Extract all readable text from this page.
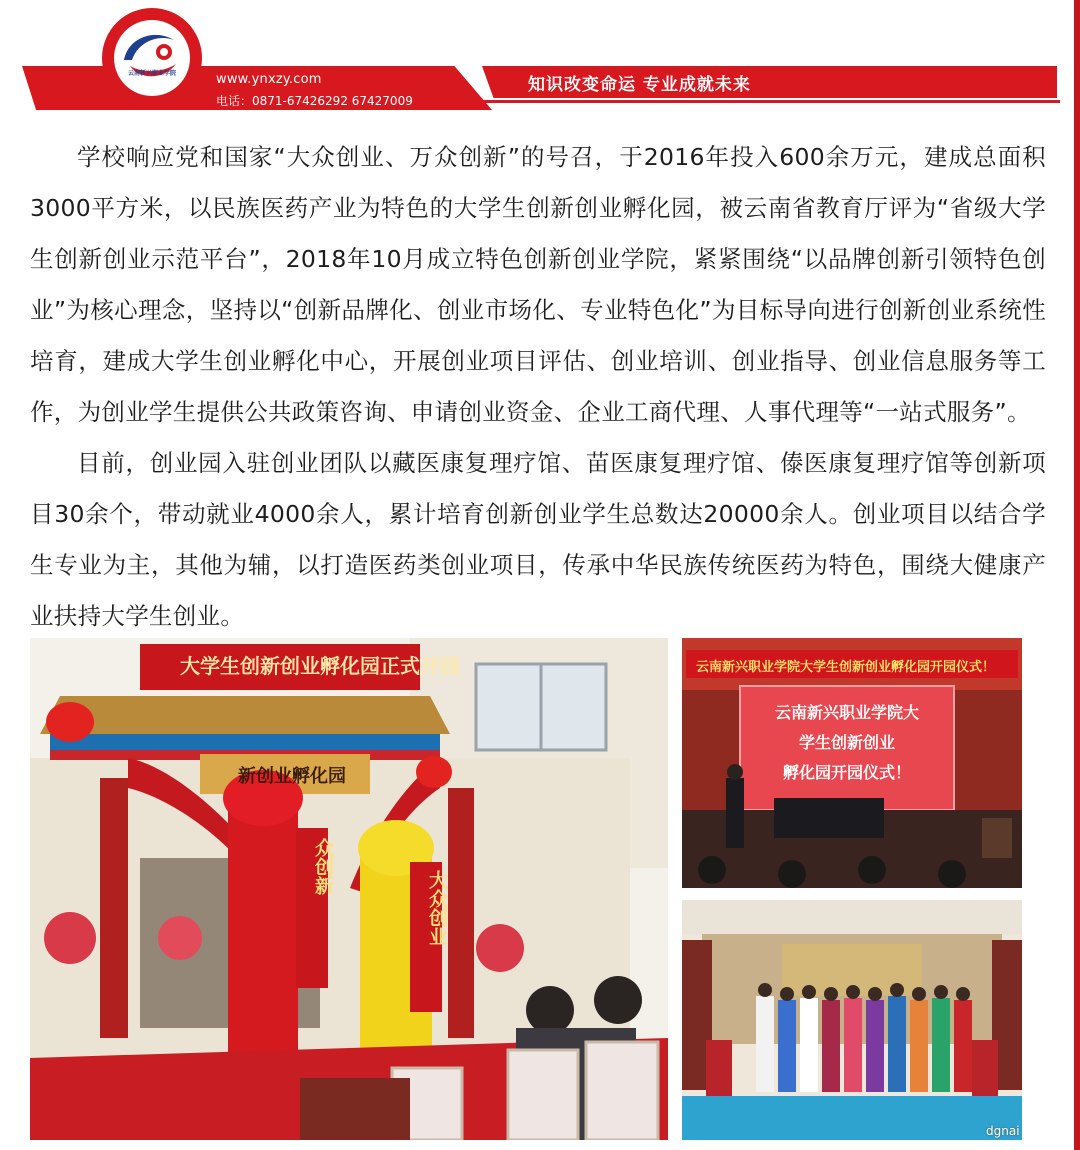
云南新兴职业学院	www.ynxzy.com
电话：0871-67426292 67427009
知识改变命运 专业成就未来

学校响应党和国家“大众创业、万众创新”的号召，于2016年投入600余万元，建成总面积3000平方米，以民族医药产业为特色的大学生创新创业孵化园，被云南省教育厅评为“省级大学生创新创业示范平台”，2018年10月成立特色创新创业学院，紧紧围绕“以品牌创新引领特色创业”为核心理念，坚持以“创新品牌化、创业市场化、专业特色化”为目标导向进行创新创业系统性培育，建成大学生创业孵化中心，开展创业项目评估、创业培训、创业指导、创业信息服务等工作，为创业学生提供公共政策咨询、申请创业资金、企业工商代理、人事代理等“一站式服务”。

目前，创业园入驻创业团队以藏医康复理疗馆、苗医康复理疗馆、傣医康复理疗馆等创新项目30余个，带动就业4000余人，累计培育创新创业学生总数达20000余人。创业项目以结合学生专业为主，其他为辅，以打造医药类创业项目，传承中华民族传统医药为特色，围绕大健康产业扶持大学生创业。

大学生创新创业孵化园正式开园
新创业孵化园
众创新
大众创业
云南新兴职业学院大学生创新创业孵化园开园仪式！
云南新兴职业学院大
学生创新创业
孵化园开园仪式！
dgnai
